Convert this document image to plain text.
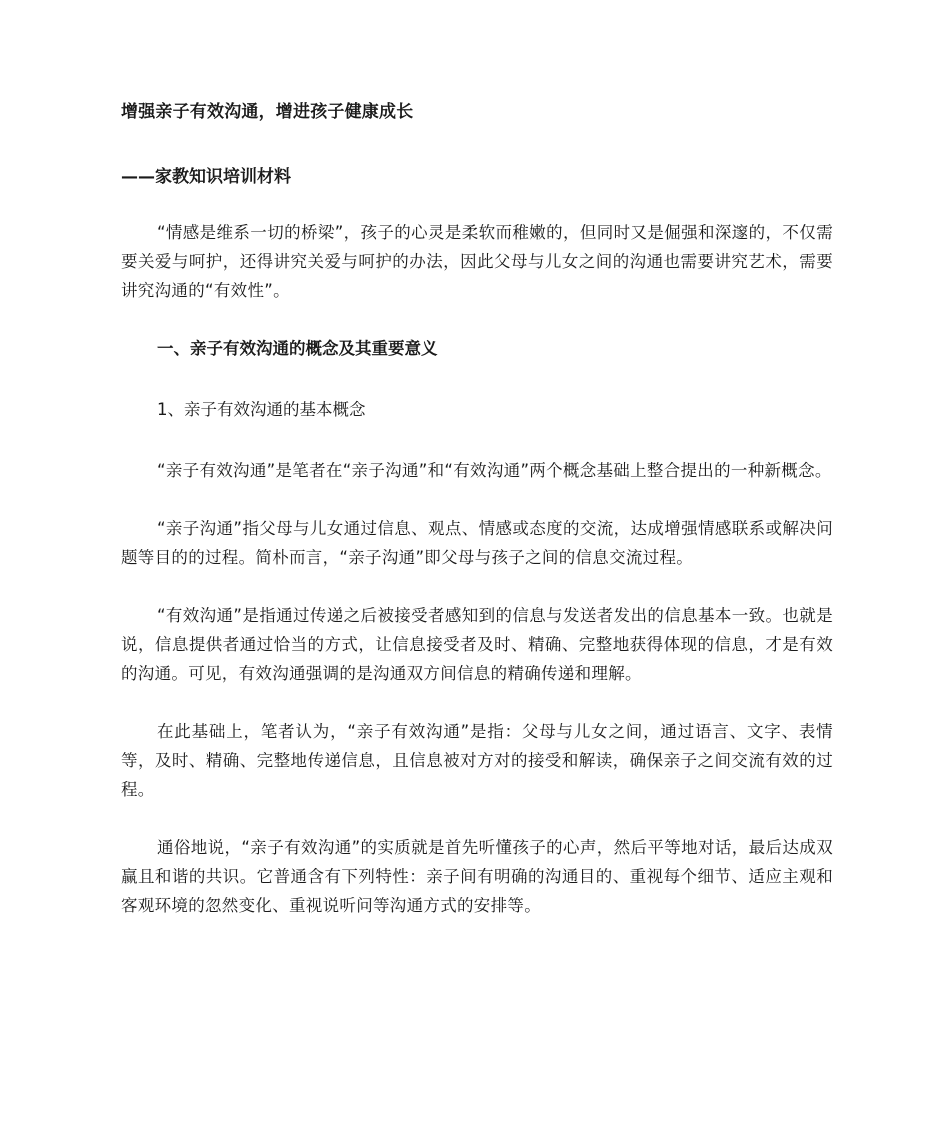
增强亲子有效沟通，增进孩子健康成长
——家教知识培训材料

“情感是维系一切的桥梁”，孩子的心灵是柔软而稚嫩的，但同时又是倔强和深邃的，不仅需要关爱与呵护，还得讲究关爱与呵护的办法，因此父母与儿女之间的沟通也需要讲究艺术，需要讲究沟通的“有效性”。

一、亲子有效沟通的概念及其重要意义
1、亲子有效沟通的基本概念

“亲子有效沟通”是笔者在“亲子沟通”和“有效沟通”两个概念基础上整合提出的一种新概念。

“亲子沟通”指父母与儿女通过信息、观点、情感或态度的交流，达成增强情感联系或解决问题等目的的过程。简朴而言，“亲子沟通”即父母与孩子之间的信息交流过程。

“有效沟通”是指通过传递之后被接受者感知到的信息与发送者发出的信息基本一致。也就是说，信息提供者通过恰当的方式，让信息接受者及时、精确、完整地获得体现的信息，才是有效的沟通。可见，有效沟通强调的是沟通双方间信息的精确传递和理解。

在此基础上，笔者认为，“亲子有效沟通”是指：父母与儿女之间，通过语言、文字、表情等，及时、精确、完整地传递信息，且信息被对方对的接受和解读，确保亲子之间交流有效的过程。

通俗地说，“亲子有效沟通”的实质就是首先听懂孩子的心声，然后平等地对话，最后达成双赢且和谐的共识。它普通含有下列特性：亲子间有明确的沟通目的、重视每个细节、适应主观和客观环境的忽然变化、重视说听问等沟通方式的安排等。
